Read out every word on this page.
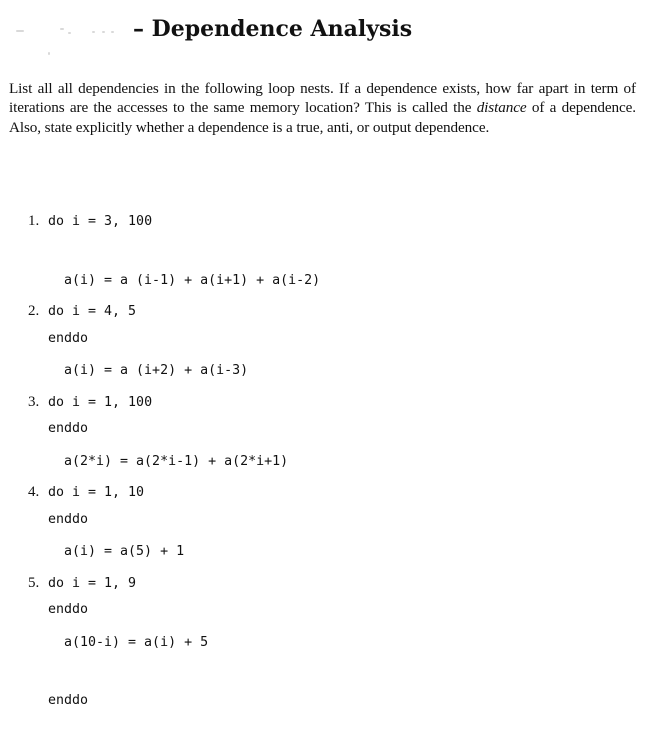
– Dependence Analysis

List all all dependencies in the following loop nests. If a dependence exists, how far apart in term of iterations are the accesses to the same memory location? This is called the distance of a dependence. Also, state explicitly whether a dependence is a true, anti, or output dependence.

1. do i = 3, 100

a(i) = a (i-1) + a(i+1) + a(i-2)

enddo

2. do i = 4, 5

a(i) = a (i+2) + a(i-3)

enddo

3. do i = 1, 100

a(2*i) = a(2*i-1) + a(2*i+1)

enddo

4. do i = 1, 10

a(i) = a(5) + 1

enddo

5. do i = 1, 9

a(10-i) = a(i) + 5

enddo
